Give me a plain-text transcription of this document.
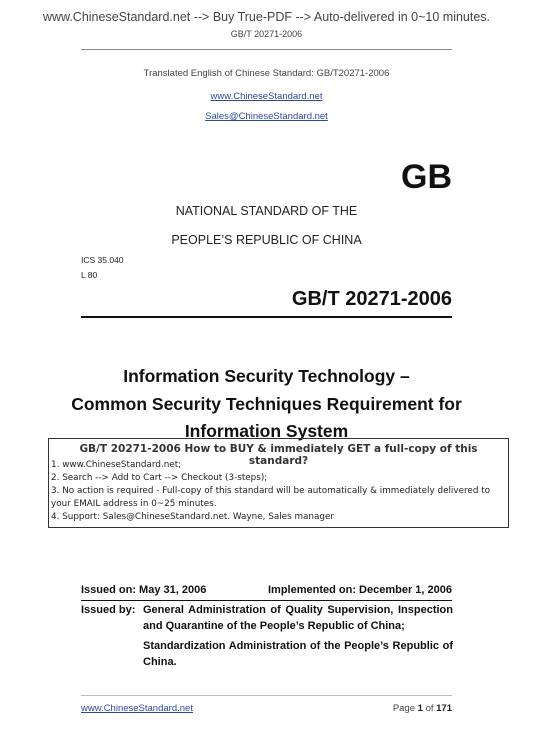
www.ChineseStandard.net --> Buy True-PDF --> Auto-delivered in 0~10 minutes.
GB/T 20271-2006
Translated English of Chinese Standard: GB/T20271-2006
www.ChineseStandard.net
Sales@ChineseStandard.net
GB
NATIONAL STANDARD OF THE
PEOPLE’S REPUBLIC OF CHINA
ICS 35.040
L 80
GB/T 20271-2006
Information Security Technology –
Common Security Techniques Requirement for
Information System
GB/T 20271-2006 How to BUY & immediately GET a full-copy of this standard?
1. www.ChineseStandard.net;
2. Search --> Add to Cart --> Checkout (3-steps);
3. No action is required - Full-copy of this standard will be automatically & immediately delivered to
your EMAIL address in 0~25 minutes.
4. Support: Sales@ChineseStandard.net. Wayne, Sales manager
Issued on: May 31, 2006	Implemented on: December 1, 2006
Issued by: General Administration of Quality Supervision, Inspection and Quarantine of the People’s Republic of China;
Standardization Administration of the People’s Republic of China.
www.ChineseStandard.net	Page 1 of 171
